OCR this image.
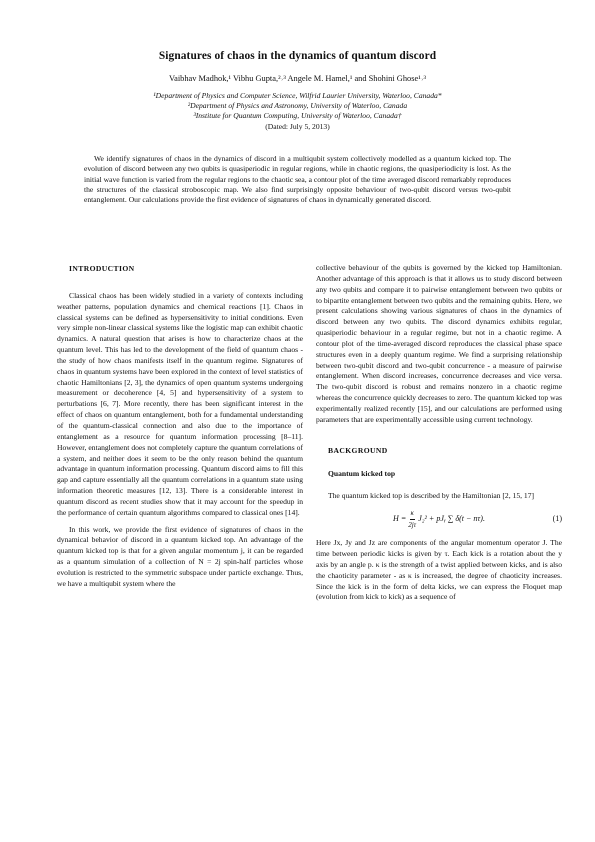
Signatures of chaos in the dynamics of quantum discord
Vaibhav Madhok,¹ Vibhu Gupta,²˒³ Angele M. Hamel,¹ and Shohini Ghose¹˒³
¹Department of Physics and Computer Science, Wilfrid Laurier University, Waterloo, Canada*
²Department of Physics and Astronomy, University of Waterloo, Canada
³Institute for Quantum Computing, University of Waterloo, Canada†
(Dated: July 5, 2013)
We identify signatures of chaos in the dynamics of discord in a multiqubit system collectively modelled as a quantum kicked top. The evolution of discord between any two qubits is quasiperiodic in regular regions, while in chaotic regions, the quasiperiodicity is lost. As the initial wave function is varied from the regular regions to the chaotic sea, a contour plot of the time averaged discord remarkably reproduces the structures of the classical stroboscopic map. We also find surprisingly opposite behaviour of two-qubit discord versus two-qubit entanglement. Our calculations provide the first evidence of signatures of chaos in dynamically generated discord.

INTRODUCTION

Classical chaos has been widely studied in a variety of contexts including weather patterns, population dynamics and chemical reactions [1]. Chaos in classical systems can be defined as hypersensitivity to initial conditions. Even very simple non-linear classical systems like the logistic map can exhibit chaotic dynamics. A natural question that arises is how to characterize chaos at the quantum level. This has led to the development of the field of quantum chaos - the study of how chaos manifests itself in the quantum regime. Signatures of chaos in quantum systems have been explored in the context of level statistics of chaotic Hamiltonians [2, 3], the dynamics of open quantum systems undergoing measurement or decoherence [4, 5] and hypersensitivity of a system to perturbations [6, 7]. More recently, there has been significant interest in the effect of chaos on quantum entanglement, both for a fundamental understanding of the quantum-classical connection and also due to the importance of entanglement as a resource for quantum information processing [8–11]. However, entanglement does not completely capture the quantum correlations of a system, and neither does it seem to be the only reason behind the quantum advantage in quantum information processing. Quantum discord aims to fill this gap and capture essentially all the quantum correlations in a quantum state using information theoretic measures [12, 13]. There is a considerable interest in quantum discord as recent studies show that it may account for the speedup in the performance of certain quantum algorithms compared to classical ones [14].

In this work, we provide the first evidence of signatures of chaos in the dynamical behavior of discord in a quantum kicked top. An advantage of the quantum kicked top is that for a given angular momentum j, it can be regarded as a quantum simulation of a collection of N = 2j spin-half particles whose evolution is restricted to the symmetric subspace under particle exchange. Thus, we have a multiqubit system where the

collective behaviour of the qubits is governed by the kicked top Hamiltonian. Another advantage of this approach is that it allows us to study discord between any two qubits and compare it to pairwise entanglement between two qubits or to bipartite entanglement between two qubits and the remaining qubits. Here, we present calculations showing various signatures of chaos in the dynamics of discord between any two qubits. The discord dynamics exhibits regular, quasiperiodic behaviour in a regular regime, but not in a chaotic regime. A contour plot of the time-averaged discord reproduces the classical phase space structures even in a deeply quantum regime. We find a surprising relationship between two-qubit discord and two-qubit concurrence - a measure of pairwise entanglement. When discord increases, concurrence decreases and vice versa. The two-qubit discord is robust and remains nonzero in a chaotic regime whereas the concurrence quickly decreases to zero. The quantum kicked top was experimentally realized recently [15], and our calculations are performed using parameters that are experimentally accessible using current technology.

BACKGROUND

Quantum kicked top

The quantum kicked top is described by the Hamiltonian [2, 15, 17]

$H = \frac{\kappa}{2j\tau} J_2^2$ + pJᵧ ∑ δ(t − nτ).	(1)

Here Jx, Jy and Jz are components of the angular momentum operator J. The time between periodic kicks is given by τ. Each kick is a rotation about the y axis by an angle p. κ is the strength of a twist applied between kicks, and is also the chaoticity parameter - as κ is increased, the degree of chaoticity increases. Since the kick is in the form of delta kicks, we can express the Floquet map (evolution from kick to kick) as a sequence of
